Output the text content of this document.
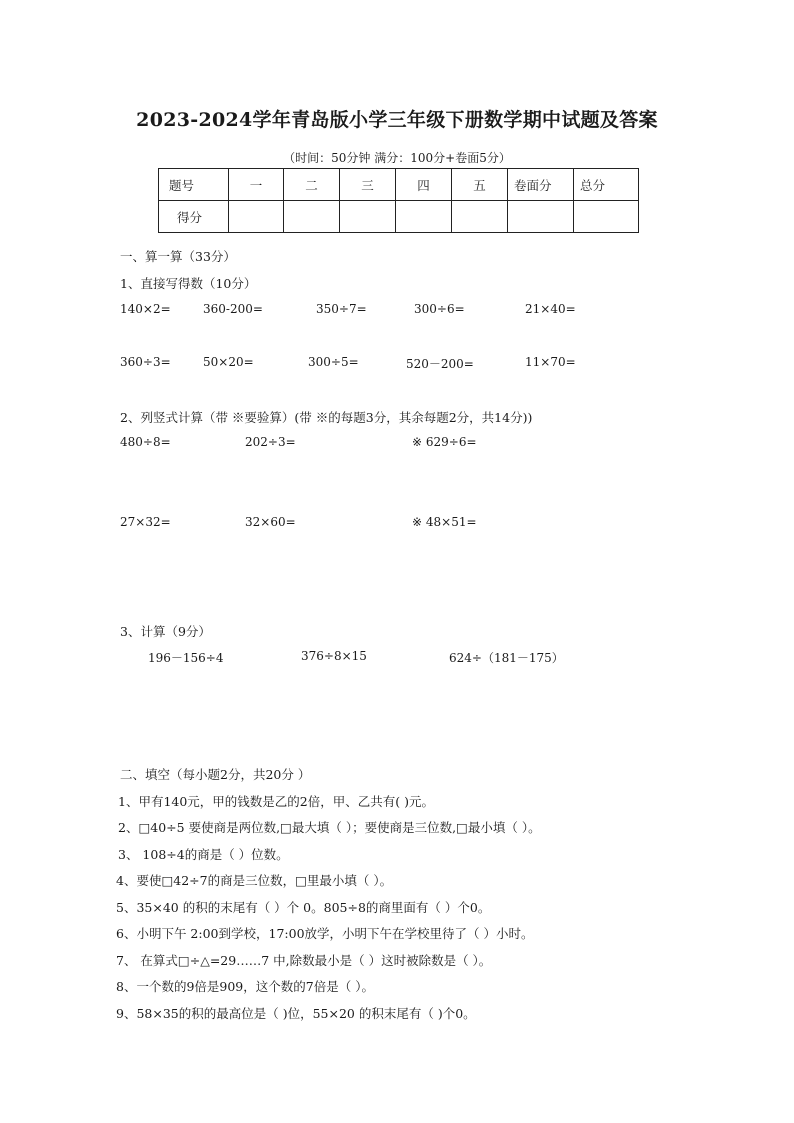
2023-2024学年青岛版小学三年级下册数学期中试题及答案
（时间：50分钟 满分：100分+卷面5分）
题号	一	二	三	四	五	卷面分	总分
得分							
一、算一算（33分）
1、直接写得数（10分）
140×2=	360-200=	350÷7=	300÷6=	21×40=
360÷3=	50×20=	300÷5=	520－200=	11×70=
2、列竖式计算（带 ※要验算）(带 ※的每题3分，其余每题2分，共14分))
480÷8=	202÷3=	※ 629÷6=
27×32=	32×60=	※ 48×51=
3、计算（9分）
196－156÷4	376÷8×15	624÷（181－175）
二、填空（每小题2分，共20分 ）
1、甲有140元，甲的钱数是乙的2倍，甲、乙共有( )元。
2、□40÷5 要使商是两位数,□最大填（ ）；要使商是三位数,□最小填（ ）。
3、 108÷4的商是（ ）位数。
4、要使□42÷7的商是三位数，□里最小填（ ）。
5、35×40 的积的末尾有（ ）个 0。805÷8的商里面有（ ）个0。
6、小明下午 2:00到学校，17:00放学，小明下午在学校里待了（ ）小时。
7、 在算式□÷△=29……7 中,除数最小是（ ）这时被除数是（ ）。
8、一个数的9倍是909，这个数的7倍是（ ）。
9、58×35的积的最高位是（ )位，55×20 的积末尾有（ )个0。
